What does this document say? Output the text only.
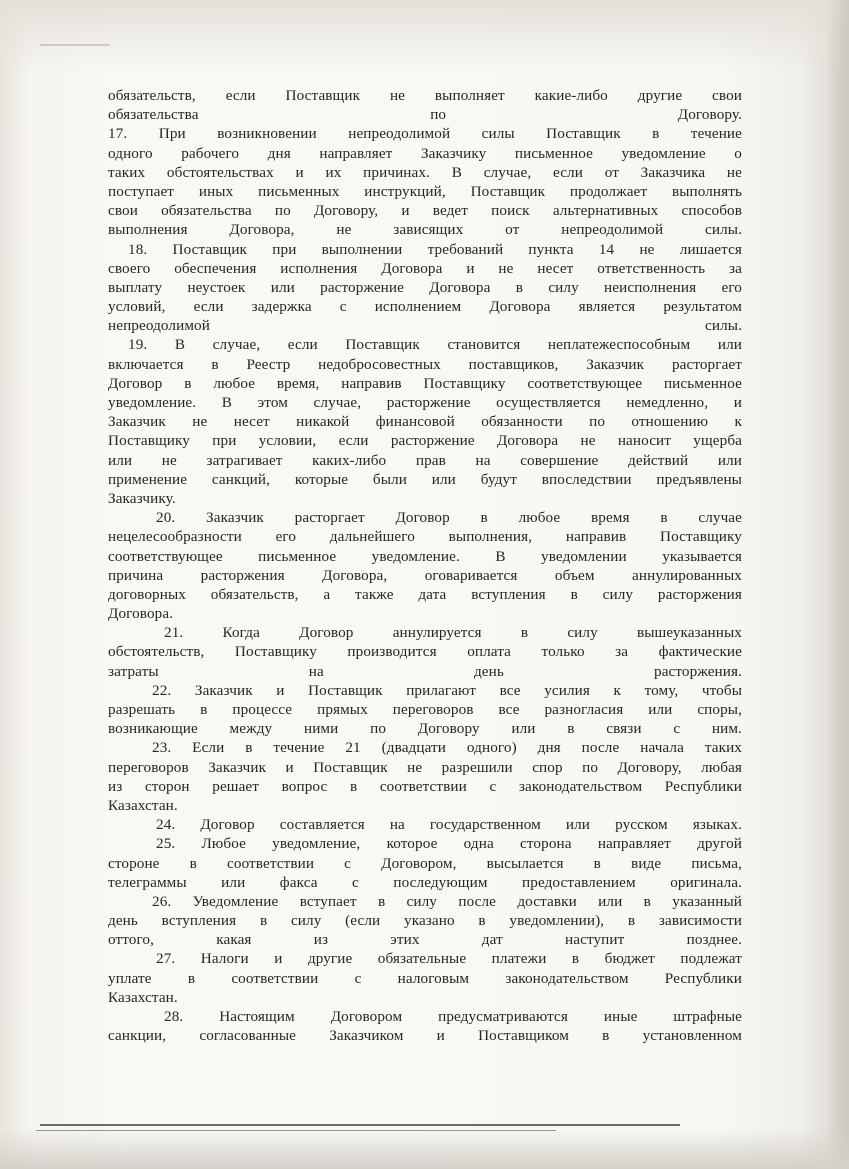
обязательств, если Поставщик не выполняет какие-либо другие свои
обязательства по Договору.
17. При возникновении непреодолимой силы Поставщик в течение
одного рабочего дня направляет Заказчику письменное уведомление о
таких обстоятельствах и их причинах. В случае, если от Заказчика не
поступает иных письменных инструкций, Поставщик продолжает выполнять
свои обязательства по Договору, и ведет поиск альтернативных способов
выполнения Договора, не зависящих от непреодолимой силы.
18. Поставщик при выполнении требований пункта 14 не лишается
своего обеспечения исполнения Договора и не несет ответственность за
выплату неустоек или расторжение Договора в силу неисполнения его
условий, если задержка с исполнением Договора является результатом
непреодолимой силы.
19. В случае, если Поставщик становится неплатежеспособным или
включается в Реестр недобросовестных поставщиков, Заказчик расторгает
Договор в любое время, направив Поставщику соответствующее письменное
уведомление. В этом случае, расторжение осуществляется немедленно, и
Заказчик не несет никакой финансовой обязанности по отношению к
Поставщику при условии, если расторжение Договора не наносит ущерба
или не затрагивает каких-либо прав на совершение действий или
применение санкций, которые были или будут впоследствии предъявлены
Заказчику.
20. Заказчик расторгает Договор в любое время в случае
нецелесообразности его дальнейшего выполнения, направив Поставщику
соответствующее письменное уведомление. В уведомлении указывается
причина расторжения Договора, оговаривается объем аннулированных
договорных обязательств, а также дата вступления в силу расторжения
Договора.
21. Когда Договор аннулируется в силу вышеуказанных
обстоятельств, Поставщику производится оплата только за фактические
затраты на день расторжения.
22. Заказчик и Поставщик прилагают все усилия к тому, чтобы
разрешать в процессе прямых переговоров все разногласия или споры,
возникающие между ними по Договору или в связи с ним.
23. Если в течение 21 (двадцати одного) дня после начала таких
переговоров Заказчик и Поставщик не разрешили спор по Договору, любая
из сторон решает вопрос в соответствии с законодательством Республики
Казахстан.
24. Договор составляется на государственном или русском языках.
25. Любое уведомление, которое одна сторона направляет другой
стороне в соответствии с Договором, высылается в виде письма,
телеграммы или факса с последующим предоставлением оригинала.
26. Уведомление вступает в силу после доставки или в указанный
день вступления в силу (если указано в уведомлении), в зависимости
оттого, какая из этих дат наступит позднее.
27. Налоги и другие обязательные платежи в бюджет подлежат
уплате в соответствии с налоговым законодательством Республики
Казахстан.
28. Настоящим Договором предусматриваются иные штрафные
санкции, согласованные Заказчиком и Поставщиком в установленном
